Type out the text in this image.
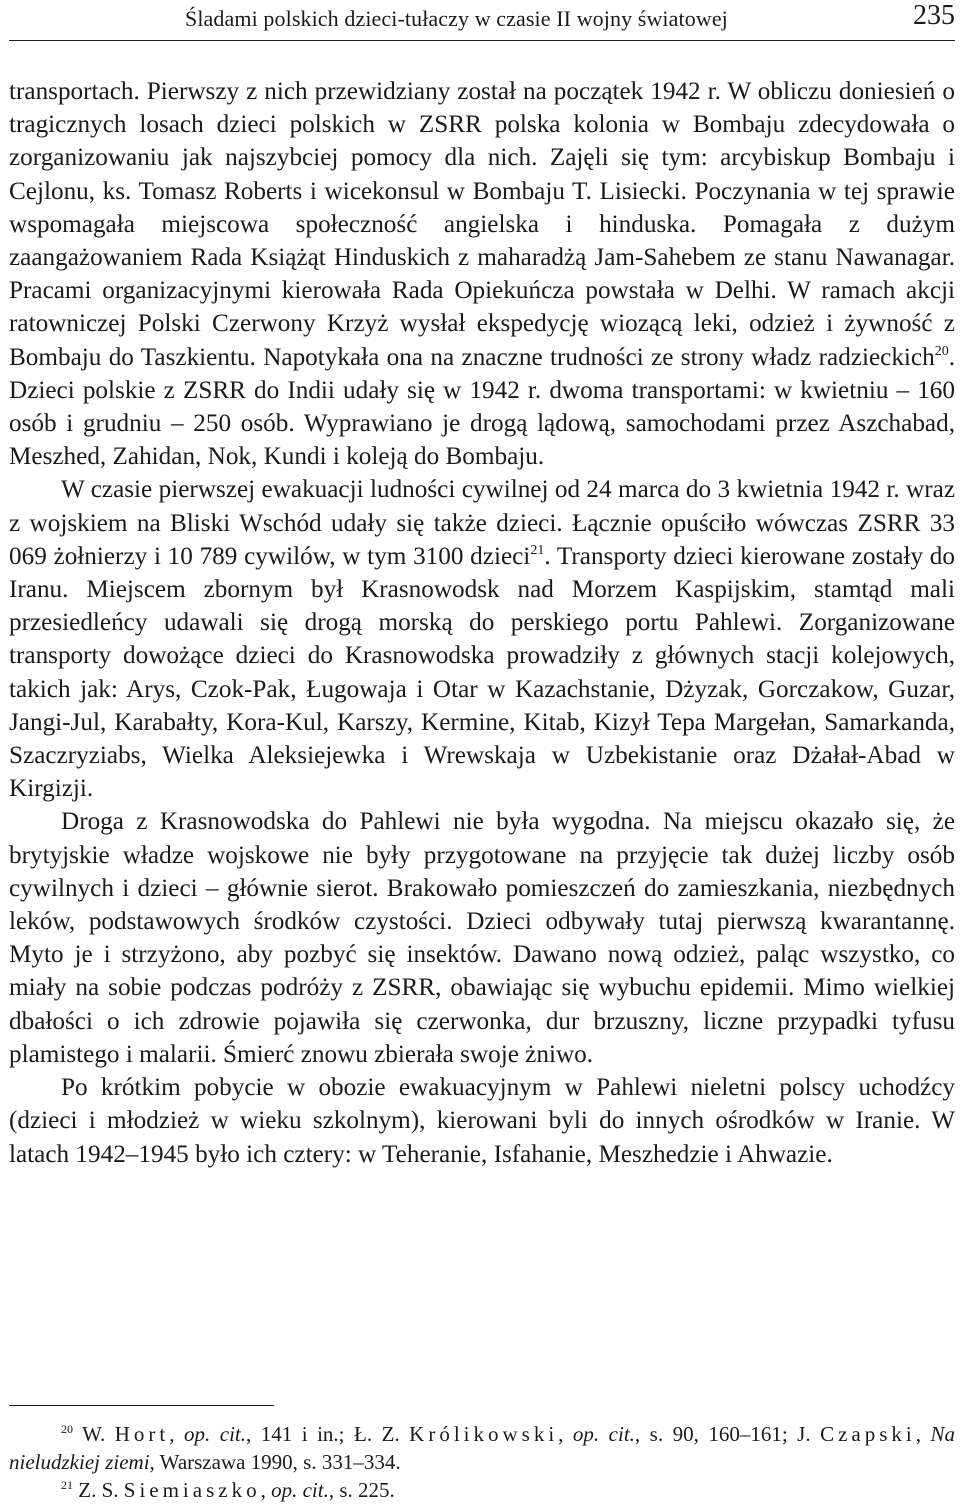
Śladami polskich dzieci-tułaczy w czasie II wojny światowej	235

transportach. Pierwszy z nich przewidziany został na początek 1942 r. W obliczu doniesień o tragicznych losach dzieci polskich w ZSRR polska kolonia w Bombaju zdecydowała o zorganizowaniu jak najszybciej pomocy dla nich. Zajęli się tym: arcybiskup Bombaju i Cejlonu, ks. Tomasz Roberts i wicekonsul w Bombaju T. Lisiecki. Poczynania w tej sprawie wspomagała miejscowa społeczność angielska i hinduska. Pomagała z dużym zaangażowaniem Rada Książąt Hinduskich z maharadżą Jam-Sahebem ze stanu Nawanagar. Pracami organizacyjnymi kierowała Rada Opiekuńcza powstała w Delhi. W ramach akcji ratowniczej Polski Czerwony Krzyż wysłał ekspedycję wiozącą leki, odzież i żywność z Bombaju do Taszkientu. Napotykała ona na znaczne trudności ze strony władz radzieckich$^{20}$. Dzieci polskie z ZSRR do Indii udały się w 1942 r. dwoma transportami: w kwietniu – 160 osób i grudniu – 250 osób. Wyprawiano je drogą lądową, samochodami przez Aszchabad, Meszhed, Zahidan, Nok, Kundi i koleją do Bombaju.

W czasie pierwszej ewakuacji ludności cywilnej od 24 marca do 3 kwietnia 1942 r. wraz z wojskiem na Bliski Wschód udały się także dzieci. Łącznie opuściło wówczas ZSRR 33 069 żołnierzy i 10 789 cywilów, w tym 3100 dzieci$^{21}$. Transporty dzieci kierowane zostały do Iranu. Miejscem zbornym był Krasnowodsk nad Morzem Kaspijskim, stamtąd mali przesiedleńcy udawali się drogą morską do perskiego portu Pahlewi. Zorganizowane transporty dowożące dzieci do Krasnowodska prowadziły z głównych stacji kolejowych, takich jak: Arys, Czok-Pak, Ługowaja i Otar w Kazachstanie, Dżyzak, Gorczakow, Guzar, Jangi-Jul, Karabałty, Kora-Kul, Karszy, Kermine, Kitab, Kizył Tepa Margełan, Samarkanda, Szaczryziabs, Wielka Aleksiejewka i Wrewskaja w Uzbekistanie oraz Dżałał-Abad w Kirgizji.

Droga z Krasnowodska do Pahlewi nie była wygodna. Na miejscu okazało się, że brytyjskie władze wojskowe nie były przygotowane na przyjęcie tak dużej liczby osób cywilnych i dzieci – głównie sierot. Brakowało pomieszczeń do zamieszkania, niezbędnych leków, podstawowych środków czystości. Dzieci odbywały tutaj pierwszą kwarantannę. Myto je i strzyżono, aby pozbyć się insektów. Dawano nową odzież, paląc wszystko, co miały na sobie podczas podróży z ZSRR, obawiając się wybuchu epidemii. Mimo wielkiej dbałości o ich zdrowie pojawiła się czerwonka, dur brzuszny, liczne przypadki tyfusu plamistego i malarii. Śmierć znowu zbierała swoje żniwo.

Po krótkim pobycie w obozie ewakuacyjnym w Pahlewi nieletni polscy uchodźcy (dzieci i młodzież w wieku szkolnym), kierowani byli do innych ośrodków w Iranie. W latach 1942–1945 było ich cztery: w Teheranie, Isfahanie, Meszhedzie i Ahwazie.

$^{20}$ W. Hort, op. cit., 141 i in.; Ł. Z. Królikowski, op. cit., s. 90, 160–161; J. Czapski, Na nieludzkiej ziemi, Warszawa 1990, s. 331–334.

$^{21}$ Z. S. Siemiaszko, op. cit., s. 225.
